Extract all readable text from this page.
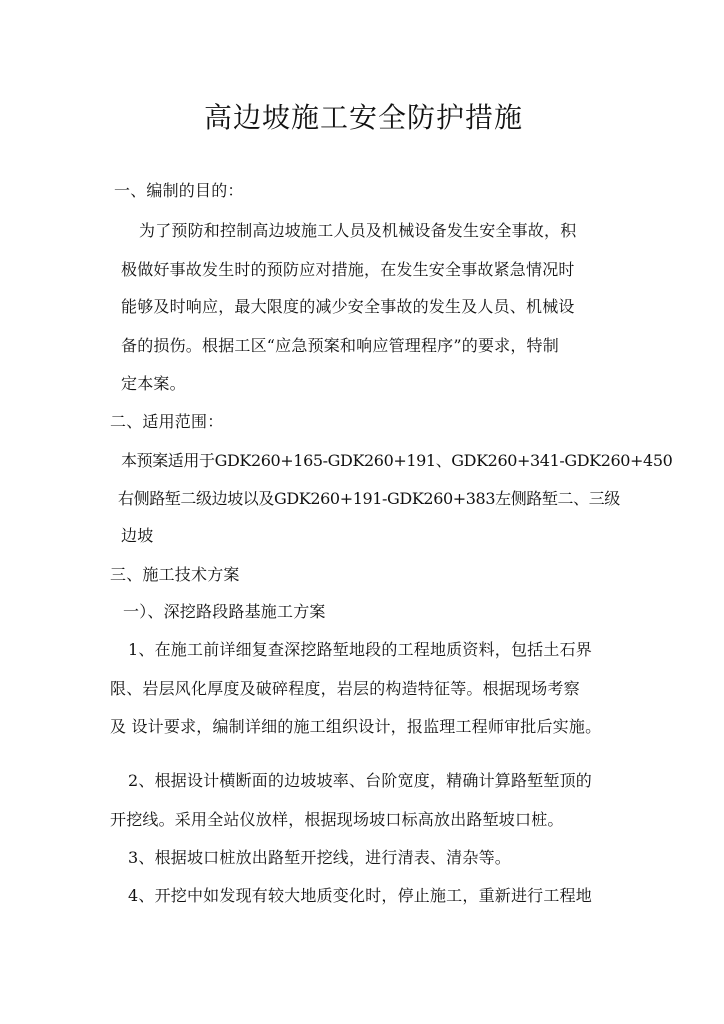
高边坡施工安全防护措施
一、编制的目的：
为了预防和控制高边坡施工人员及机械设备发生安全事故，积
极做好事故发生时的预防应对措施，在发生安全事故紧急情况时
能够及时响应，最大限度的减少安全事故的发生及人员、机械设
备的损伤。根据工区“应急预案和响应管理程序”的要求，特制
定本案。
二、适用范围：
本预案适用于GDK260+165-GDK260+191、GDK260+341-GDK260+450
右侧路堑二级边坡以及GDK260+191-GDK260+383左侧路堑二、三级
边坡
三、施工技术方案
一）、深挖路段路基施工方案
1、在施工前详细复查深挖路堑地段的工程地质资料，包括土石界
限、岩层风化厚度及破碎程度，岩层的构造特征等。根据现场考察
及 设计要求，编制详细的施工组织设计，报监理工程师审批后实施。
2、根据设计横断面的边坡坡率、台阶宽度，精确计算路堑堑顶的
开挖线。采用全站仪放样，根据现场坡口标高放出路堑坡口桩。
3、根据坡口桩放出路堑开挖线，进行清表、清杂等。
4、开挖中如发现有较大地质变化时，停止施工，重新进行工程地
